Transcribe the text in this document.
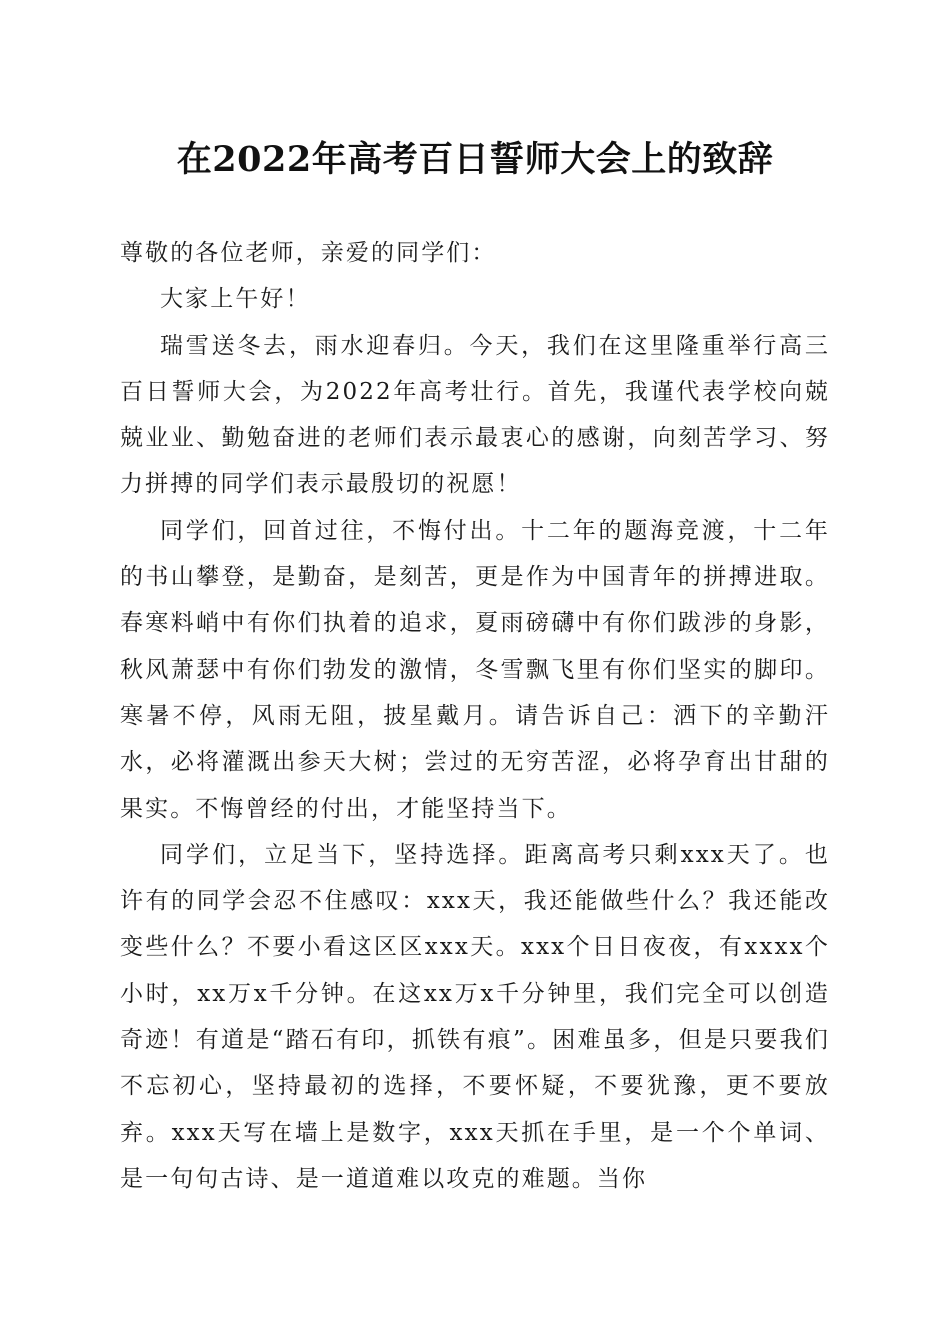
在2022年高考百日誓师大会上的致辞

尊敬的各位老师，亲爱的同学们：

大家上午好！

瑞雪送冬去，雨水迎春归。今天，我们在这里隆重举行高三百日誓师大会，为2022年高考壮行。首先，我谨代表学校向兢兢业业、勤勉奋进的老师们表示最衷心的感谢，向刻苦学习、努力拼搏的同学们表示最殷切的祝愿！

同学们，回首过往，不悔付出。十二年的题海竞渡，十二年的书山攀登，是勤奋，是刻苦，更是作为中国青年的拼搏进取。春寒料峭中有你们执着的追求，夏雨磅礴中有你们跋涉的身影，秋风萧瑟中有你们勃发的激情，冬雪飘飞里有你们坚实的脚印。寒暑不停，风雨无阻，披星戴月。请告诉自己：洒下的辛勤汗水，必将灌溉出参天大树；尝过的无穷苦涩，必将孕育出甘甜的果实。不悔曾经的付出，才能坚持当下。

同学们，立足当下，坚持选择。距离高考只剩xxx天了。也许有的同学会忍不住感叹：xxx天，我还能做些什么？我还能改变些什么？不要小看这区区xxx天。xxx个日日夜夜，有xxxx个小时，xx万x千分钟。在这xx万x千分钟里，我们完全可以创造奇迹！有道是“踏石有印，抓铁有痕”。困难虽多，但是只要我们不忘初心，坚持最初的选择，不要怀疑，不要犹豫，更不要放弃。xxx天写在墙上是数字，xxx天抓在手里，是一个个单词、是一句句古诗、是一道道难以攻克的难题。当你
